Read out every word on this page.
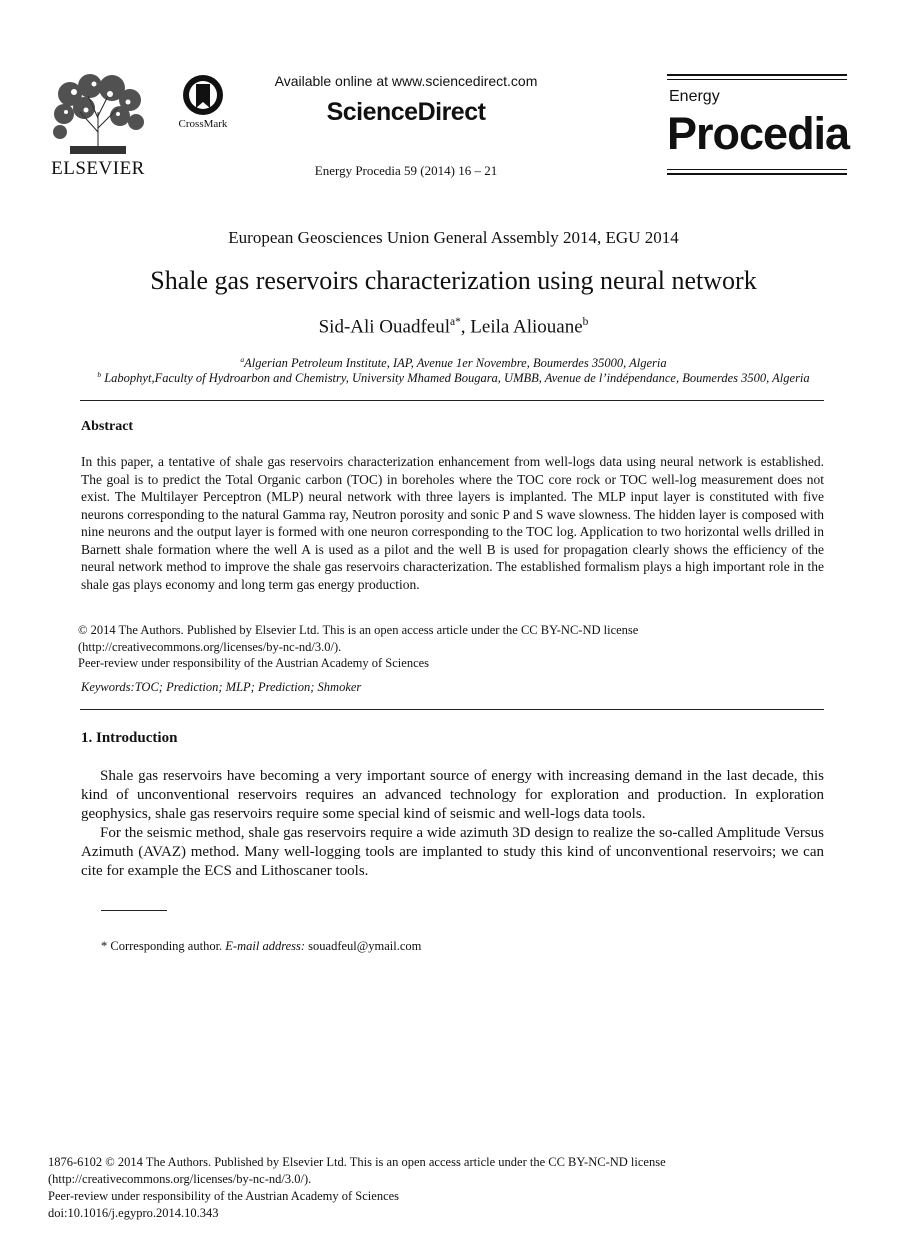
ELSEVIER
CrossMark
Available online at www.sciencedirect.com
ScienceDirect
Energy Procedia 59 (2014) 16 – 21
Energy
Procedia
European Geosciences Union General Assembly 2014, EGU 2014
Shale gas reservoirs characterization using neural network
Sid-Ali Ouadfeul$^{a*}$, Leila Aliouane$^b$
$^a$Algerian Petroleum Institute, IAP, Avenue 1er Novembre, Boumerdes 35000, Algeria
$^b$ Labophyt,Faculty of Hydroarbon and Chemistry, University Mhamed Bougara, UMBB, Avenue de l’indépendance, Boumerdes 3500, Algeria
Abstract
In this paper, a tentative of shale gas reservoirs characterization enhancement from well-logs data using neural network is established. The goal is to predict the Total Organic carbon (TOC) in boreholes where the TOC core rock or TOC well-log measurement does not exist. The Multilayer Perceptron (MLP) neural network with three layers is implanted. The MLP input layer is constituted with five neurons corresponding to the natural Gamma ray, Neutron porosity and sonic P and S wave slowness. The hidden layer is composed with nine neurons and the output layer is formed with one neuron corresponding to the TOC log. Application to two horizontal wells drilled in Barnett shale formation where the well A is used as a pilot and the well B is used for propagation clearly shows the efficiency of the neural network method to improve the shale gas reservoirs characterization. The established formalism plays a high important role in the shale gas plays economy and long term gas energy production.
© 2014 The Authors. Published by Elsevier Ltd. This is an open access article under the CC BY-NC-ND license
(http://creativecommons.org/licenses/by-nc-nd/3.0/).
Peer-review under responsibility of the Austrian Academy of Sciences
Keywords:TOC; Prediction; MLP; Prediction; Shmoker
1. Introduction

Shale gas reservoirs have becoming a very important source of energy with increasing demand in the last decade, this kind of unconventional reservoirs requires an advanced technology for exploration and production. In exploration geophysics, shale gas reservoirs require some special kind of seismic and well-logs data tools.

For the seismic method, shale gas reservoirs require a wide azimuth 3D design to realize the so-called Amplitude Versus Azimuth (AVAZ) method. Many well-logging tools are implanted to study this kind of unconventional reservoirs; we can cite for example the ECS and Lithoscaner tools.

* Corresponding author. E-mail address: souadfeul@ymail.com
1876-6102 © 2014 The Authors. Published by Elsevier Ltd. This is an open access article under the CC BY-NC-ND license
(http://creativecommons.org/licenses/by-nc-nd/3.0/).
Peer-review under responsibility of the Austrian Academy of Sciences
doi:10.1016/j.egypro.2014.10.343
